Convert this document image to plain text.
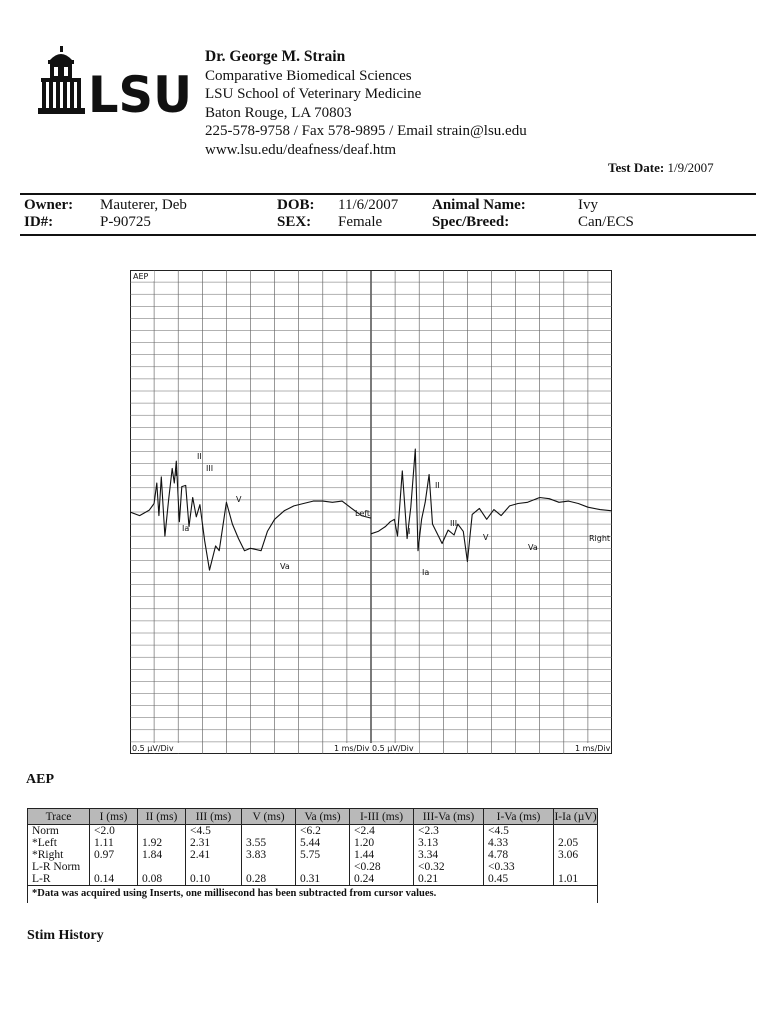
LSU
Dr. George M. Strain
Comparative Biomedical Sciences
LSU School of Veterinary Medicine
Baton Rouge, LA 70803
225-578-9758 / Fax 578-9895 / Email strain@lsu.edu
www.lsu.edu/deafness/deaf.htm
Test Date: 1/9/2007
Owner: Mauterer, Deb
ID#:	P-90725
DOB: 11/6/2007
SEX: Female
Animal Name:	Ivy
Spec/Breed:	Can/ECS
AEP
0.5 µV/Div	1 ms/Div 0.5 µV/Div	1 ms/Div
Left
Right
I
II
III
V
Ia
Va
I
II
III
V
Ia
Va
AEP
Trace	I (ms)	II (ms)	III (ms)	V (ms)	Va (ms)	I-III (ms)	III-Va (ms)	I-Va (ms)	I-Ia (µV)
Norm	<2.0		<4.5		<6.2	<2.4	<2.3	<4.5	
*Left	1.11	1.92	2.31	3.55	5.44	1.20	3.13	4.33	2.05
*Right	0.97	1.84	2.41	3.83	5.75	1.44	3.34	4.78	3.06
L-R Norm						<0.28	<0.32	<0.33	
L-R	0.14	0.08	0.10	0.28	0.31	0.24	0.21	0.45	1.01
*Data was acquired using Inserts, one millisecond has been subtracted from cursor values.									
Stim History
